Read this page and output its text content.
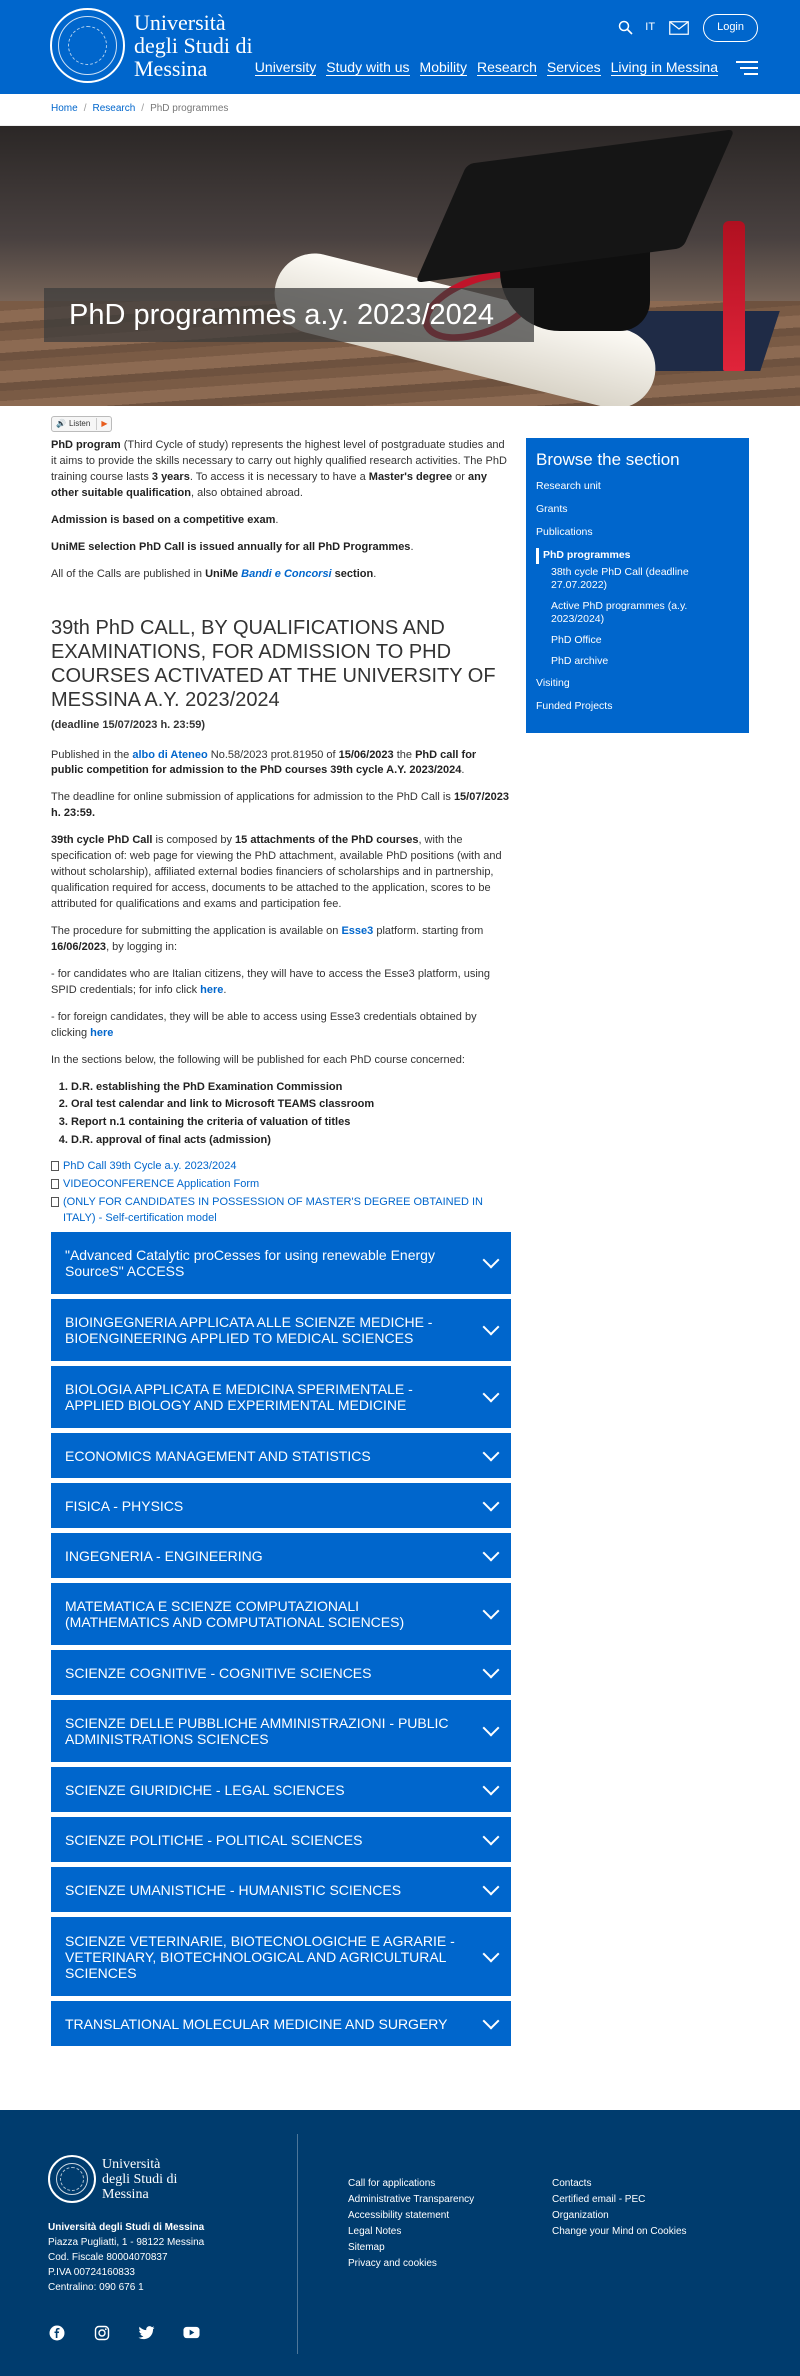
Università
degli Studi di
Messina
IT	Login
University Study with us Mobility Research Services Living in Messina
Home / Research / PhD programmes
PhD programmes a.y. 2023/2024
🔊 Listen	▶

PhD program (Third Cycle of study) represents the highest level of postgraduate studies and it aims to provide the skills necessary to carry out highly qualified research activities. The PhD training course lasts 3 years. To access it is necessary to have a Master's degree or any other suitable qualification, also obtained abroad.

Admission is based on a competitive exam.

UniME selection PhD Call is issued annually for all PhD Programmes.

All of the Calls are published in UniMe Bandi e Concorsi section.

39th PhD CALL, BY QUALIFICATIONS AND EXAMINATIONS, FOR ADMISSION TO PHD COURSES ACTIVATED AT THE UNIVERSITY OF MESSINA A.Y. 2023/2024
(deadline 15/07/2023 h. 23:59)

Published in the albo di Ateneo No.58/2023 prot.81950 of 15/06/2023 the PhD call for public competition for admission to the PhD courses 39th cycle A.Y. 2023/2024.

The deadline for online submission of applications for admission to the PhD Call is 15/07/2023 h. 23:59.

39th cycle PhD Call is composed by 15 attachments of the PhD courses, with the specification of: web page for viewing the PhD attachment, available PhD positions (with and without scholarship), affiliated external bodies financiers of scholarships and in partnership, qualification required for access, documents to be attached to the application, scores to be attributed for qualifications and exams and participation fee.

The procedure for submitting the application is available on Esse3 platform. starting from 16/06/2023, by logging in:

- for candidates who are Italian citizens, they will have to access the Esse3 platform, using SPID credentials; for info click here.

- for foreign candidates, they will be able to access using Esse3 credentials obtained by clicking here

In the sections below, the following will be published for each PhD course concerned:

1. D.R. establishing the PhD Examination Commission
2. Oral test calendar and link to Microsoft TEAMS classroom
3. Report n.1 containing the criteria of valuation of titles
4. D.R. approval of final acts (admission)
PhD Call 39th Cycle a.y. 2023/2024
VIDEOCONFERENCE Application Form
(ONLY FOR CANDIDATES IN POSSESSION OF MASTER'S DEGREE OBTAINED IN ITALY) - Self-certification model
Browse the section
Research unit
Grants
Publications
PhD programmes
38th cycle PhD Call (deadline 27.07.2022)
Active PhD programmes (a.y. 2023/2024)
PhD Office
PhD archive
Visiting
Funded Projects
"Advanced Catalytic proCesses for using renewable Energy SourceS" ACCESS
BIOINGEGNERIA APPLICATA ALLE SCIENZE MEDICHE - BIOENGINEERING APPLIED TO MEDICAL SCIENCES
BIOLOGIA APPLICATA E MEDICINA SPERIMENTALE - APPLIED BIOLOGY AND EXPERIMENTAL MEDICINE
ECONOMICS MANAGEMENT AND STATISTICS
FISICA - PHYSICS
INGEGNERIA - ENGINEERING
MATEMATICA E SCIENZE COMPUTAZIONALI (MATHEMATICS AND COMPUTATIONAL SCIENCES)
SCIENZE COGNITIVE - COGNITIVE SCIENCES
SCIENZE DELLE PUBBLICHE AMMINISTRAZIONI - PUBLIC ADMINISTRATIONS SCIENCES
SCIENZE GIURIDICHE - LEGAL SCIENCES
SCIENZE POLITICHE - POLITICAL SCIENCES
SCIENZE UMANISTICHE - HUMANISTIC SCIENCES
SCIENZE VETERINARIE, BIOTECNOLOGICHE E AGRARIE - VETERINARY, BIOTECHNOLOGICAL AND AGRICULTURAL SCIENCES
TRANSLATIONAL MOLECULAR MEDICINE AND SURGERY
Università
degli Studi di
Messina
Università degli Studi di Messina
Piazza Pugliatti, 1 - 98122 Messina
Cod. Fiscale 80004070837
P.IVA 00724160833
Centralino: 090 676 1
Call for applications
Administrative Transparency
Accessibility statement
Legal Notes
Sitemap
Privacy and cookies
Contacts
Certified email - PEC
Organization
Change your Mind on Cookies
